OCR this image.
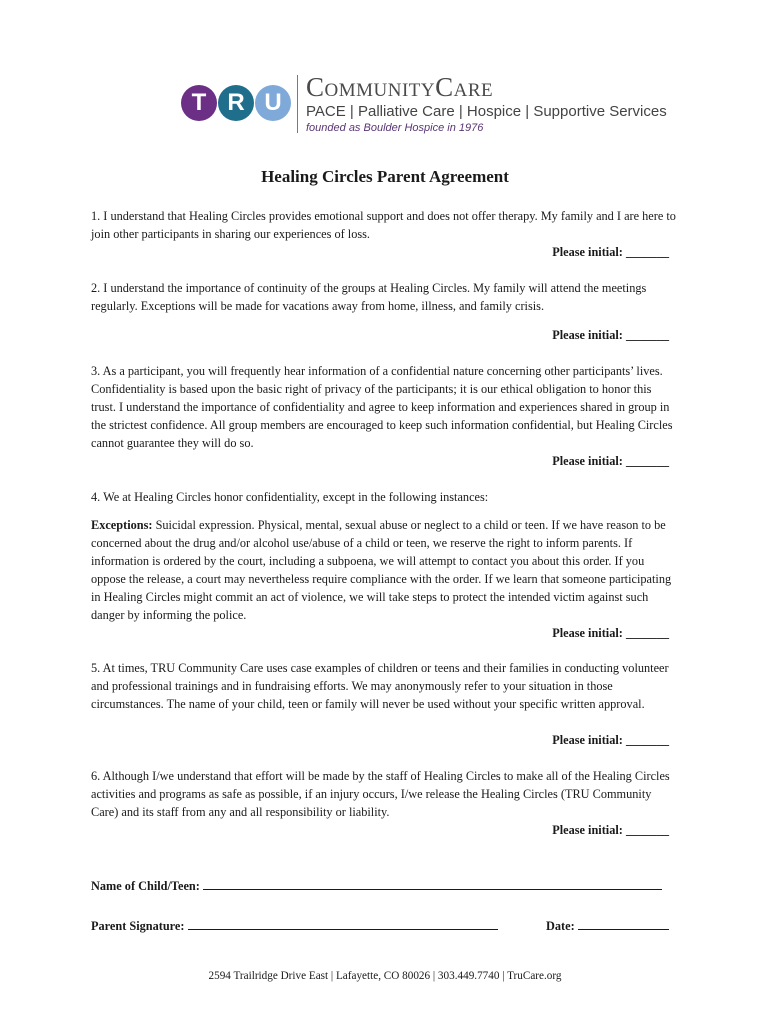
T R U
CommunityCare
PACE | Palliative Care | Hospice | Supportive Services
founded as Boulder Hospice in 1976
Healing Circles Parent Agreement

1. I understand that Healing Circles provides emotional support and does not offer therapy. My family and I are here to join other participants in sharing our experiences of loss.

Please initial: _______

2. I understand the importance of continuity of the groups at Healing Circles. My family will attend the meetings regularly. Exceptions will be made for vacations away from home, illness, and family crisis.

Please initial: _______

3. As a participant, you will frequently hear information of a confidential nature concerning other participants’ lives. Confidentiality is based upon the basic right of privacy of the participants; it is our ethical obligation to honor this trust. I understand the importance of confidentiality and agree to keep information and experiences shared in group in the strictest confidence. All group members are encouraged to keep such information confidential, but Healing Circles cannot guarantee they will do so.

Please initial: _______

4. We at Healing Circles honor confidentiality, except in the following instances:

Exceptions: Suicidal expression. Physical, mental, sexual abuse or neglect to a child or teen. If we have reason to be concerned about the drug and/or alcohol use/abuse of a child or teen, we reserve the right to inform parents. If information is ordered by the court, including a subpoena, we will attempt to contact you about this order. If you oppose the release, a court may nevertheless require compliance with the order. If we learn that someone participating in Healing Circles might commit an act of violence, we will take steps to protect the intended victim against such danger by informing the police.

Please initial: _______

5. At times, TRU Community Care uses case examples of children or teens and their families in conducting volunteer and professional trainings and in fundraising efforts. We may anonymously refer to your situation in those circumstances. The name of your child, teen or family will never be used without your specific written approval.

Please initial: _______

6. Although I/we understand that effort will be made by the staff of Healing Circles to make all of the Healing Circles activities and programs as safe as possible, if an injury occurs, I/we release the Healing Circles (TRU Community Care) and its staff from any and all responsibility or liability.

Please initial: _______
Name of Child/Teen:
Parent Signature:	Date:
2594 Trailridge Drive East | Lafayette, CO 80026 | 303.449.7740 | TruCare.org
